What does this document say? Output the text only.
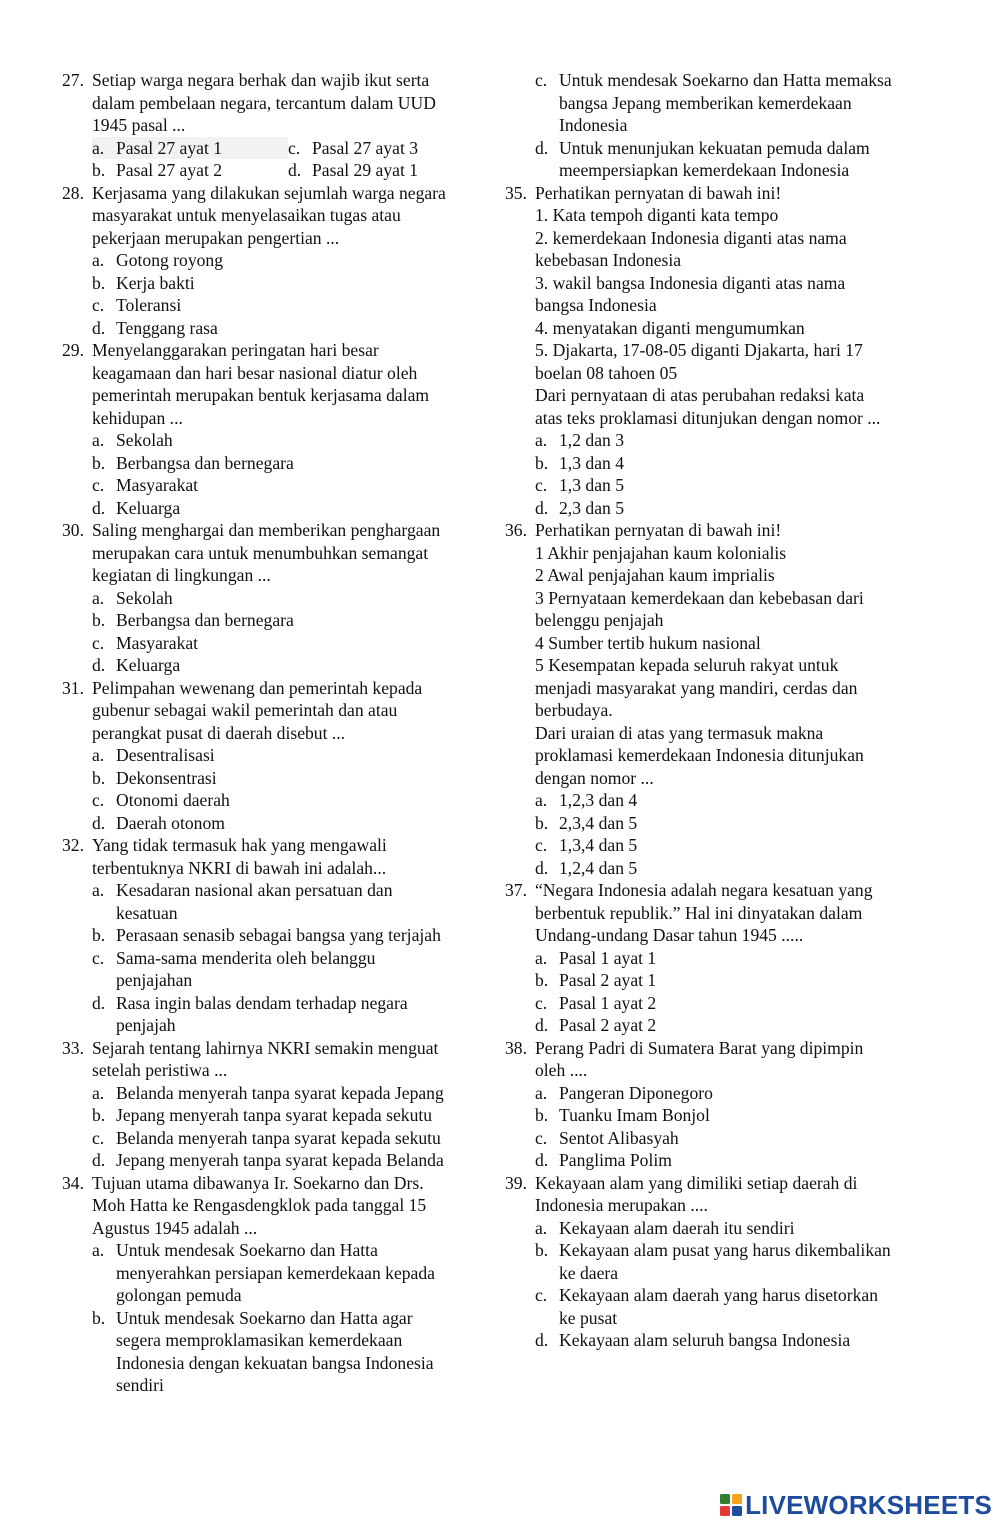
27. Setiap warga negara berhak dan wajib ikut serta
dalam pembelaan negara, tercantum dalam UUD
1945 pasal ...
a. Pasal 27 ayat 1	c. Pasal 27 ayat 3
b. Pasal 27 ayat 2	d. Pasal 29 ayat 1
28. Kerjasama yang dilakukan sejumlah warga negara
masyarakat untuk menyelasaikan tugas atau
pekerjaan merupakan pengertian ...
a. Gotong royong
b. Kerja bakti
c. Toleransi
d. Tenggang rasa
29. Menyelanggarakan peringatan hari besar
keagamaan dan hari besar nasional diatur oleh
pemerintah merupakan bentuk kerjasama dalam
kehidupan ...
a. Sekolah
b. Berbangsa dan bernegara
c. Masyarakat
d. Keluarga
30. Saling menghargai dan memberikan penghargaan
merupakan cara untuk menumbuhkan semangat
kegiatan di lingkungan ...
a. Sekolah
b. Berbangsa dan bernegara
c. Masyarakat
d. Keluarga
31. Pelimpahan wewenang dan pemerintah kepada
gubenur sebagai wakil pemerintah dan atau
perangkat pusat di daerah disebut ...
a. Desentralisasi
b. Dekonsentrasi
c. Otonomi daerah
d. Daerah otonom
32. Yang tidak termasuk hak yang mengawali
terbentuknya NKRI di bawah ini adalah...
a. Kesadaran nasional akan persatuan dan
kesatuan
b. Perasaan senasib sebagai bangsa yang terjajah
c. Sama-sama menderita oleh belanggu
penjajahan
d. Rasa ingin balas dendam terhadap negara
penjajah
33. Sejarah tentang lahirnya NKRI semakin menguat
setelah peristiwa ...
a. Belanda menyerah tanpa syarat kepada Jepang
b. Jepang menyerah tanpa syarat kepada sekutu
c. Belanda menyerah tanpa syarat kepada sekutu
d. Jepang menyerah tanpa syarat kepada Belanda
34. Tujuan utama dibawanya Ir. Soekarno dan Drs.
Moh Hatta ke Rengasdengklok pada tanggal 15
Agustus 1945 adalah ...
a. Untuk mendesak Soekarno dan Hatta
menyerahkan persiapan kemerdekaan kepada
golongan pemuda
b. Untuk mendesak Soekarno dan Hatta agar
segera memproklamasikan kemerdekaan
Indonesia dengan kekuatan bangsa Indonesia
sendiri
c. Untuk mendesak Soekarno dan Hatta memaksa
bangsa Jepang memberikan kemerdekaan
Indonesia
d. Untuk menunjukan kekuatan pemuda dalam
meempersiapkan kemerdekaan Indonesia
35. Perhatikan pernyatan di bawah ini!
1. Kata tempoh diganti kata tempo
2. kemerdekaan Indonesia diganti atas nama
kebebasan Indonesia
3. wakil bangsa Indonesia diganti atas nama
bangsa Indonesia
4. menyatakan diganti mengumumkan
5. Djakarta, 17-08-05 diganti Djakarta, hari 17
boelan 08 tahoen 05
Dari pernyataan di atas perubahan redaksi kata
atas teks proklamasi ditunjukan dengan nomor ...
a. 1,2 dan 3
b. 1,3 dan 4
c. 1,3 dan 5
d. 2,3 dan 5
36. Perhatikan pernyatan di bawah ini!
1 Akhir penjajahan kaum kolonialis
2 Awal penjajahan kaum imprialis
3 Pernyataan kemerdekaan dan kebebasan dari
belenggu penjajah
4 Sumber tertib hukum nasional
5 Kesempatan kepada seluruh rakyat untuk
menjadi masyarakat yang mandiri, cerdas dan
berbudaya.
Dari uraian di atas yang termasuk makna
proklamasi kemerdekaan Indonesia ditunjukan
dengan nomor ...
a. 1,2,3 dan 4
b. 2,3,4 dan 5
c. 1,3,4 dan 5
d. 1,2,4 dan 5
37. “Negara Indonesia adalah negara kesatuan yang
berbentuk republik.” Hal ini dinyatakan dalam
Undang-undang Dasar tahun 1945 .....
a. Pasal 1 ayat 1
b. Pasal 2 ayat 1
c. Pasal 1 ayat 2
d. Pasal 2 ayat 2
38. Perang Padri di Sumatera Barat yang dipimpin
oleh ....
a. Pangeran Diponegoro
b. Tuanku Imam Bonjol
c. Sentot Alibasyah
d. Panglima Polim
39. Kekayaan alam yang dimiliki setiap daerah di
Indonesia merupakan ....
a. Kekayaan alam daerah itu sendiri
b. Kekayaan alam pusat yang harus dikembalikan
ke daera
c. Kekayaan alam daerah yang harus disetorkan
ke pusat
d. Kekayaan alam seluruh bangsa Indonesia
LIVEWORKSHEETS
